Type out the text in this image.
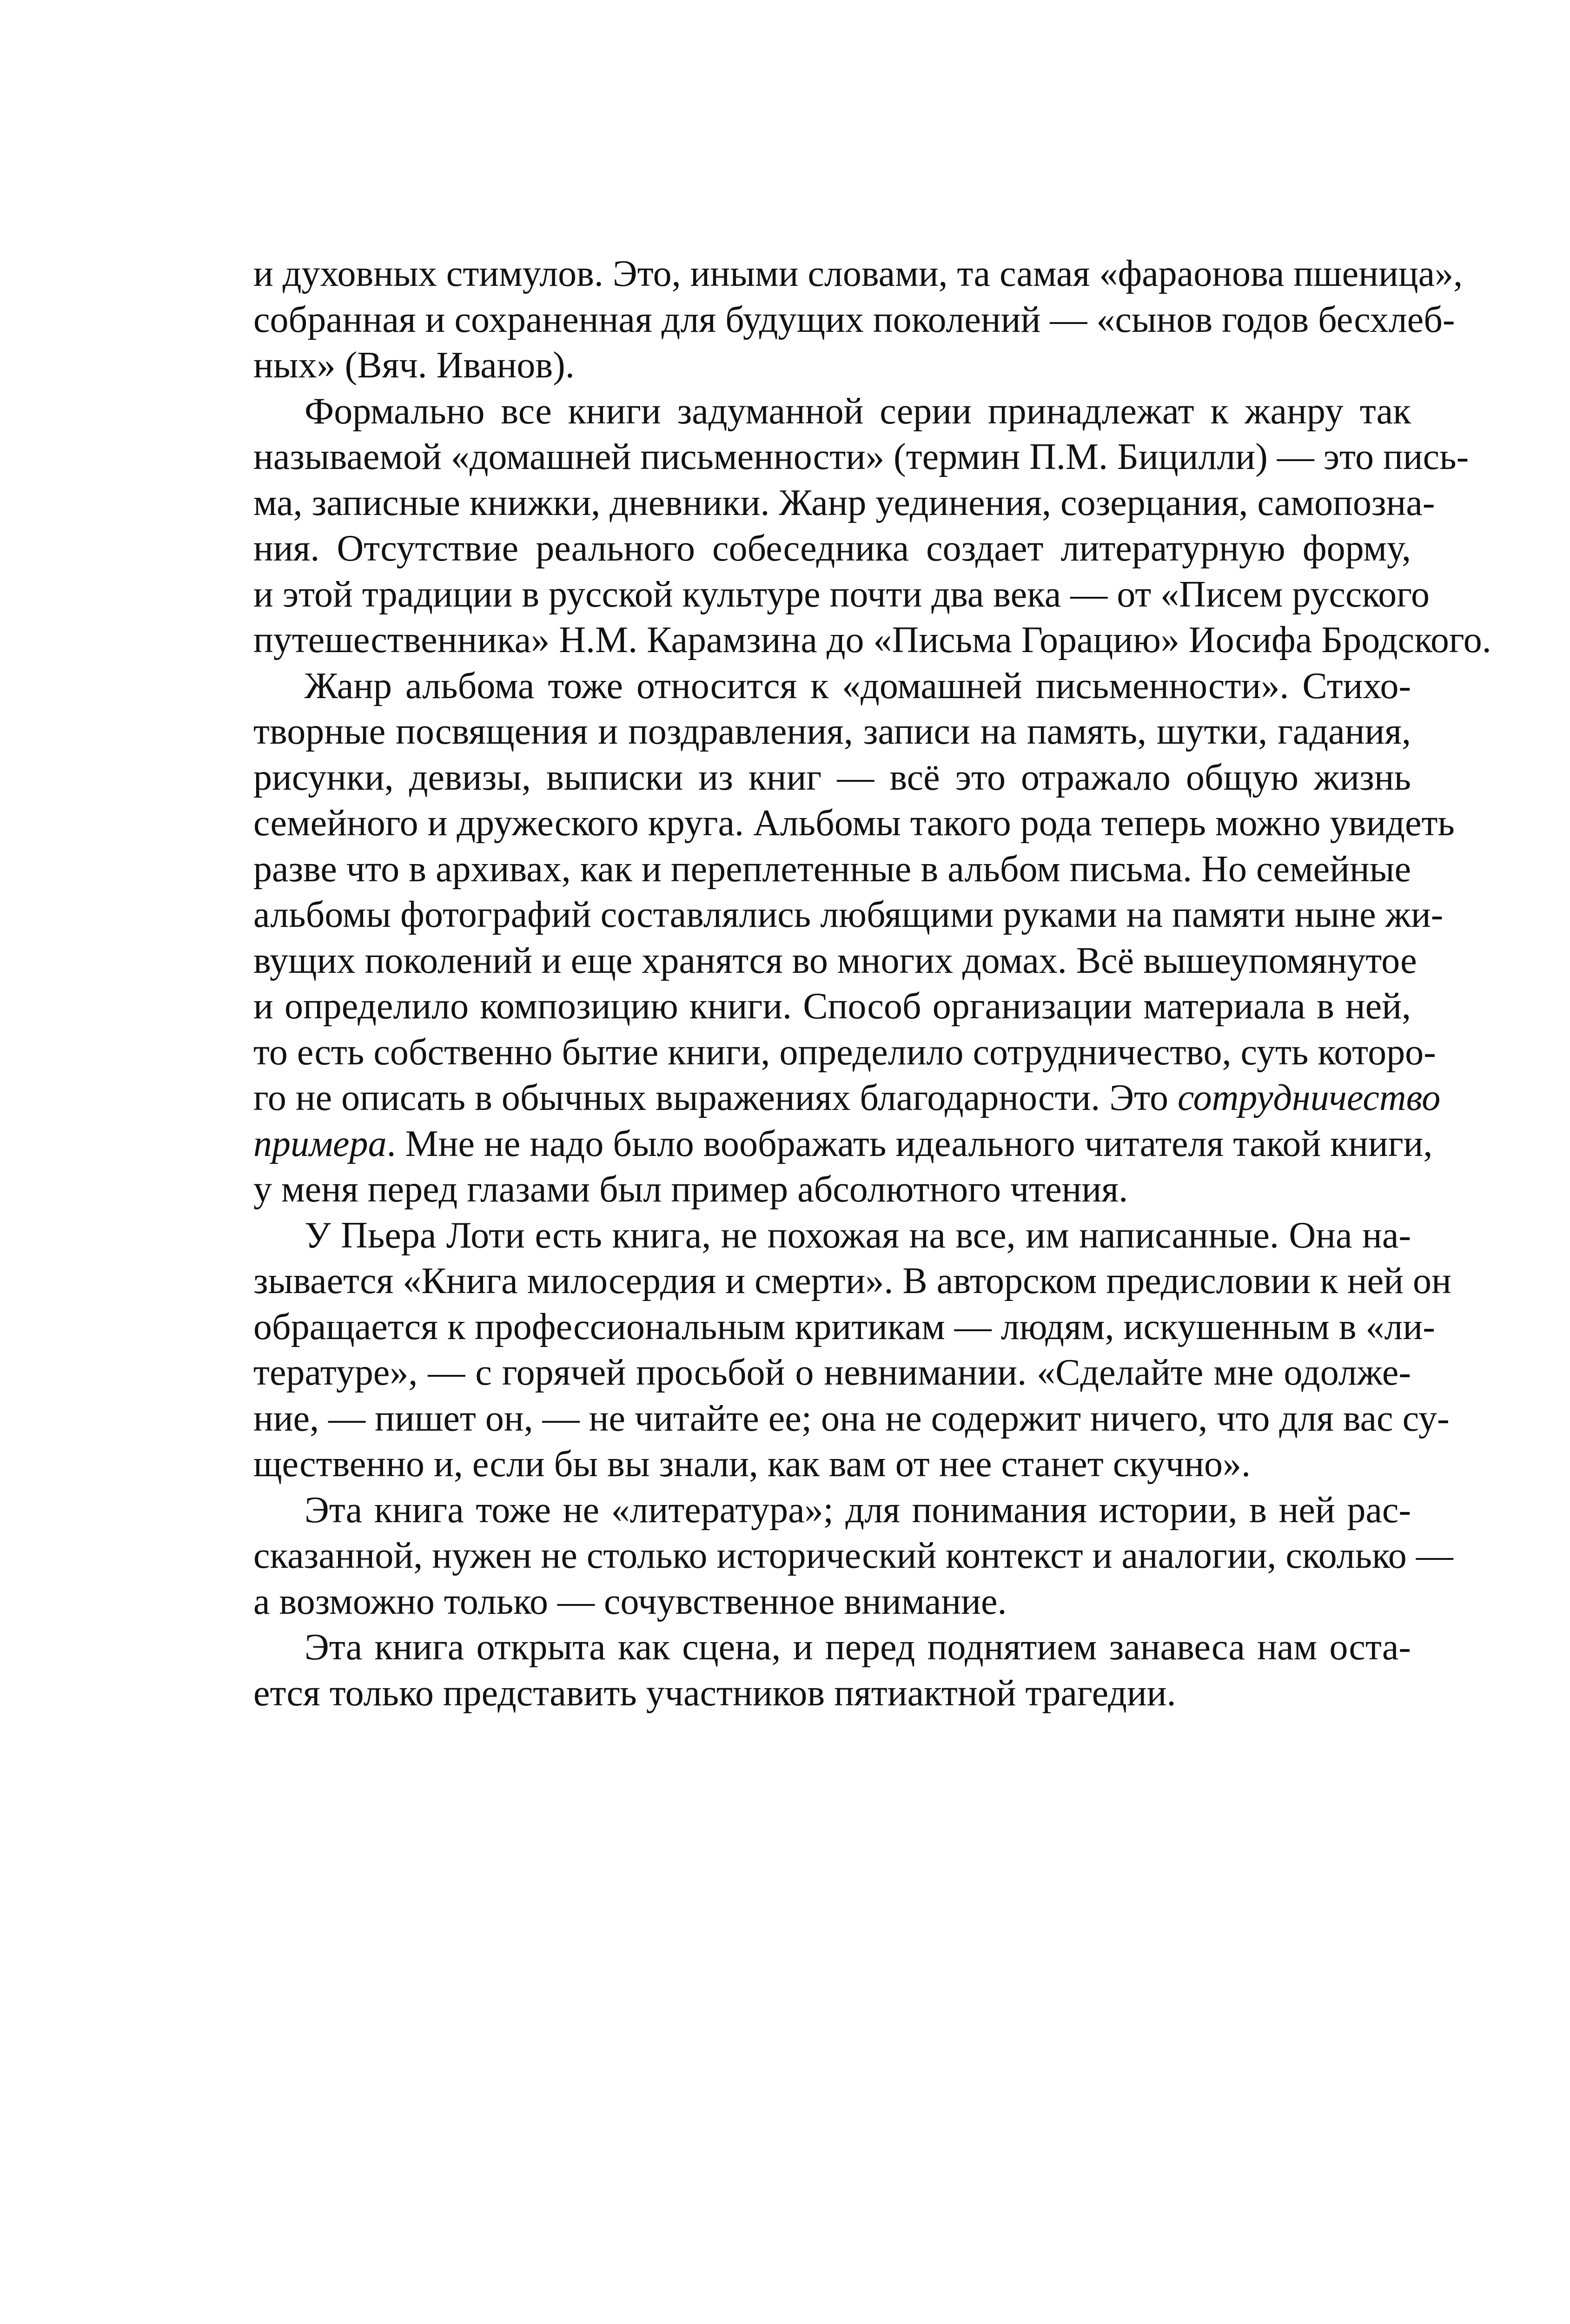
и духовных стимулов. Это, иными словами, та самая «фараонова пшеница»,
собранная и сохраненная для будущих поколений — «сынов годов бесхлеб-
ных» (Вяч. Иванов).
Формально все книги задуманной серии принадлежат к жанру так
называемой «домашней письменности» (термин П.М. Бицилли) — это пись-
ма, записные книжки, дневники. Жанр уединения, созерцания, самопозна-
ния. Отсутствие реального собеседника создает литературную форму,
и этой традиции в русской культуре почти два века — от «Писем русского
путешественника» Н.М. Карамзина до «Письма Горацию» Иосифа Бродского.
Жанр альбома тоже относится к «домашней письменности». Стихо-
творные посвящения и поздравления, записи на память, шутки, гадания,
рисунки, девизы, выписки из книг — всё это отражало общую жизнь
семейного и дружеского круга. Альбомы такого рода теперь можно увидеть
разве что в архивах, как и переплетенные в альбом письма. Но семейные
альбомы фотографий составлялись любящими руками на памяти ныне жи-
вущих поколений и еще хранятся во многих домах. Всё вышеупомянутое
и определило композицию книги. Способ организации материала в ней,
то есть собственно бытие книги, определило сотрудничество, суть которо-
го не описать в обычных выражениях благодарности. Это сотрудничество
примера. Мне не надо было воображать идеального читателя такой книги,
у меня перед глазами был пример абсолютного чтения.
У Пьера Лоти есть книга, не похожая на все, им написанные. Она на-
зывается «Книга милосердия и смерти». В авторском предисловии к ней он
обращается к профессиональным критикам — людям, искушенным в «ли-
тературе», — с горячей просьбой о невнимании. «Сделайте мне одолже-
ние, — пишет он, — не читайте ее; она не содержит ничего, что для вас су-
щественно и, если бы вы знали, как вам от нее станет скучно».
Эта книга тоже не «литература»; для понимания истории, в ней рас-
сказанной, нужен не столько исторический контекст и аналогии, сколько —
а возможно только — сочувственное внимание.
Эта книга открыта как сцена, и перед поднятием занавеса нам оста-
ется только представить участников пятиактной трагедии.
